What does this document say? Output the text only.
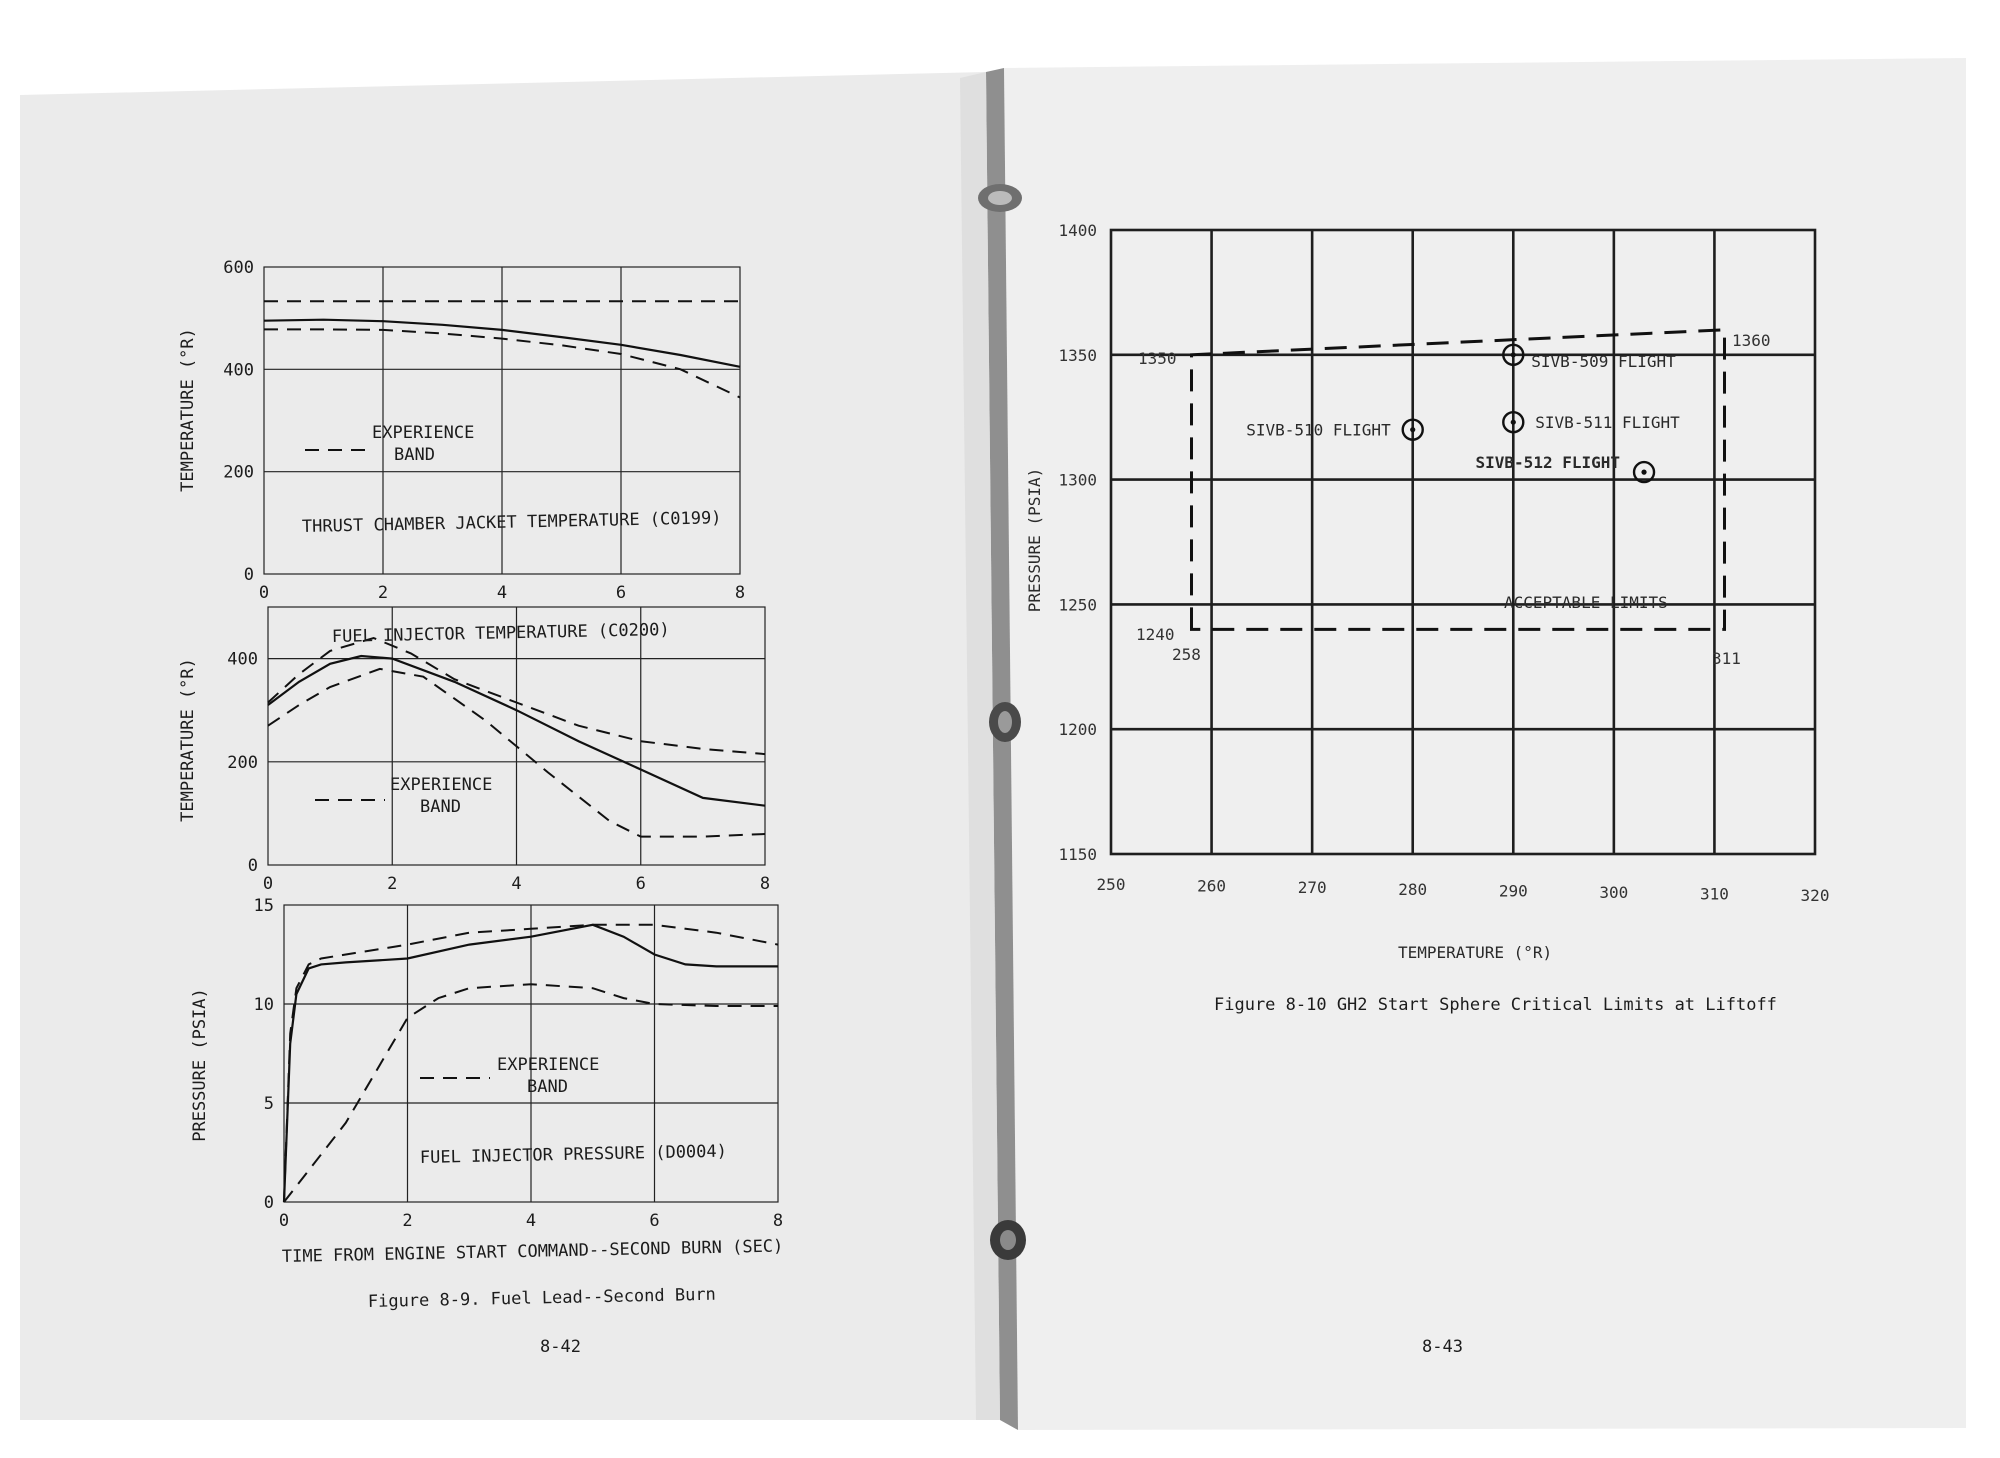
0	2	4	6	8
0
200
400
600
TEMPERATURE (°R)
THRUST CHAMBER JACKET TEMPERATURE (C0199)
EXPERIENCE
BAND
0	2	4	6	8
0
200
400
TEMPERATURE (°R)
FUEL INJECTOR TEMPERATURE (C0200)
EXPERIENCE
BAND
0	2	4	6	8
0
5
10
15
PRESSURE (PSIA)
FUEL INJECTOR PRESSURE (D0004)
EXPERIENCE
BAND
TIME FROM ENGINE START COMMAND--SECOND BURN (SEC)
Figure 8-9. Fuel Lead--Second Burn
8-42
250	260	270	280	290	300	310	320
1150
1200
1250
1300
1350
1400
SIVB-509 FLIGHT
SIVB-510 FLIGHT	SIVB-511 FLIGHT
SIVB-512 FLIGHT
PRESSURE (PSIA)
TEMPERATURE (°R)
ACCEPTABLE LIMITS
1350
1360
1240
258	311
Figure 8-10 GH2 Start Sphere Critical Limits at Liftoff
8-43
